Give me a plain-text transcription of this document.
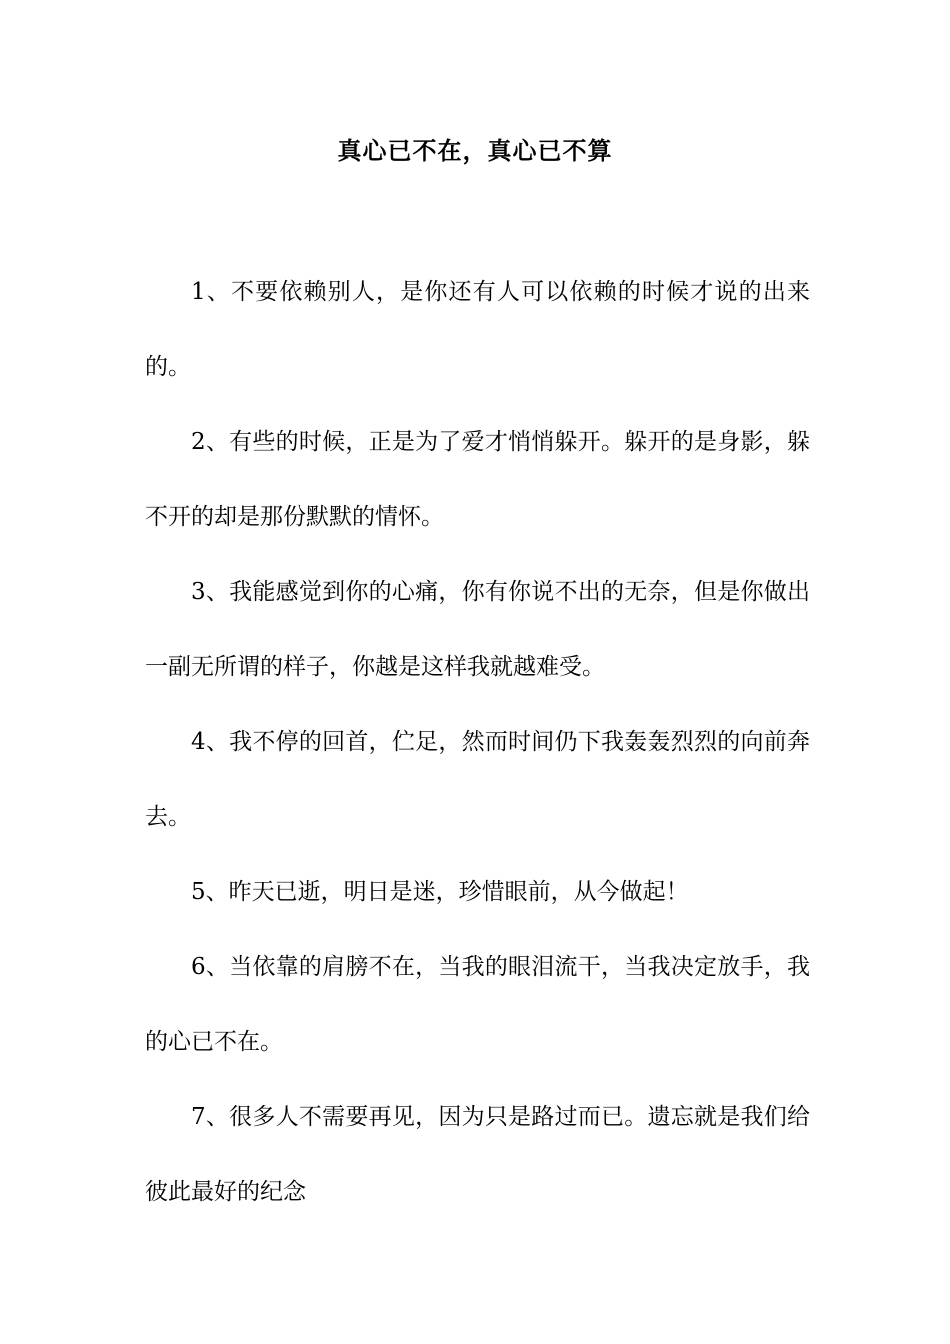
真心已不在，真心已不算

1、不要依赖别人，是你还有人可以依赖的时候才说的出来的。

2、有些的时候，正是为了爱才悄悄躲开。躲开的是身影，躲不开的却是那份默默的情怀。

3、我能感觉到你的心痛，你有你说不出的无奈，但是你做出一副无所谓的样子，你越是这样我就越难受。

4、我不停的回首，伫足，然而时间仍下我轰轰烈烈的向前奔去。

5、昨天已逝，明日是迷，珍惜眼前，从今做起！

6、当依靠的肩膀不在，当我的眼泪流干，当我决定放手，我的心已不在。

7、很多人不需要再见，因为只是路过而已。遗忘就是我们给彼此最好的纪念
